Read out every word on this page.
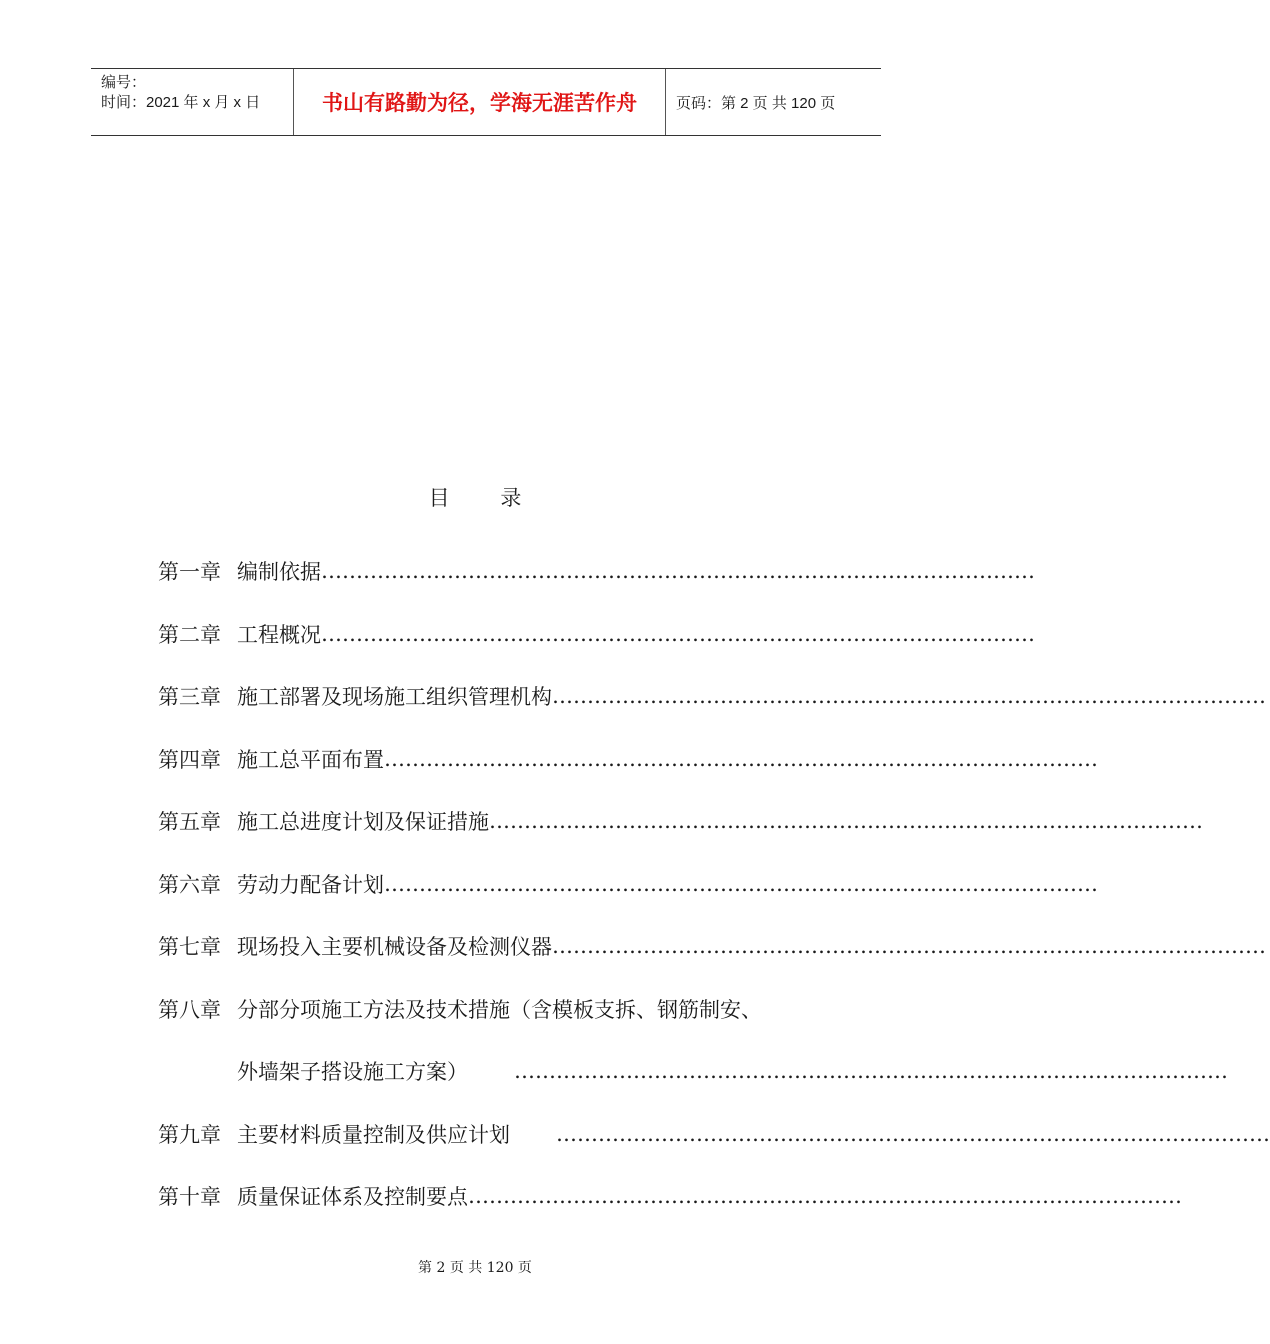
编号：
时间：2021 年 x 月 x 日	书山有路勤为径，学海无涯苦作舟	页码：第 2 页 共 120 页
目 录
第一章 编制依据 …………………………………………………………………………………………
第二章 工程概况 …………………………………………………………………………………………
第三章 施工部署及现场施工组织管理机构 …………………………………………………………………………………………
第四章 施工总平面布置 …………………………………………………………………………………………
第五章 施工总进度计划及保证措施 …………………………………………………………………………………………
第六章 劳动力配备计划 …………………………………………………………………………………………
第七章 现场投入主要机械设备及检测仪器 …………………………………………………………………………………………
第八章 分部分项施工方法及技术措施（含模板支拆、钢筋制安、
外墙架子搭设施工方案） …………………………………………………………………………………………
第九章 主要材料质量控制及供应计划 …………………………………………………………………………………………
第十章 质量保证体系及控制要点 …………………………………………………………………………………………
第 2 页 共 120 页
